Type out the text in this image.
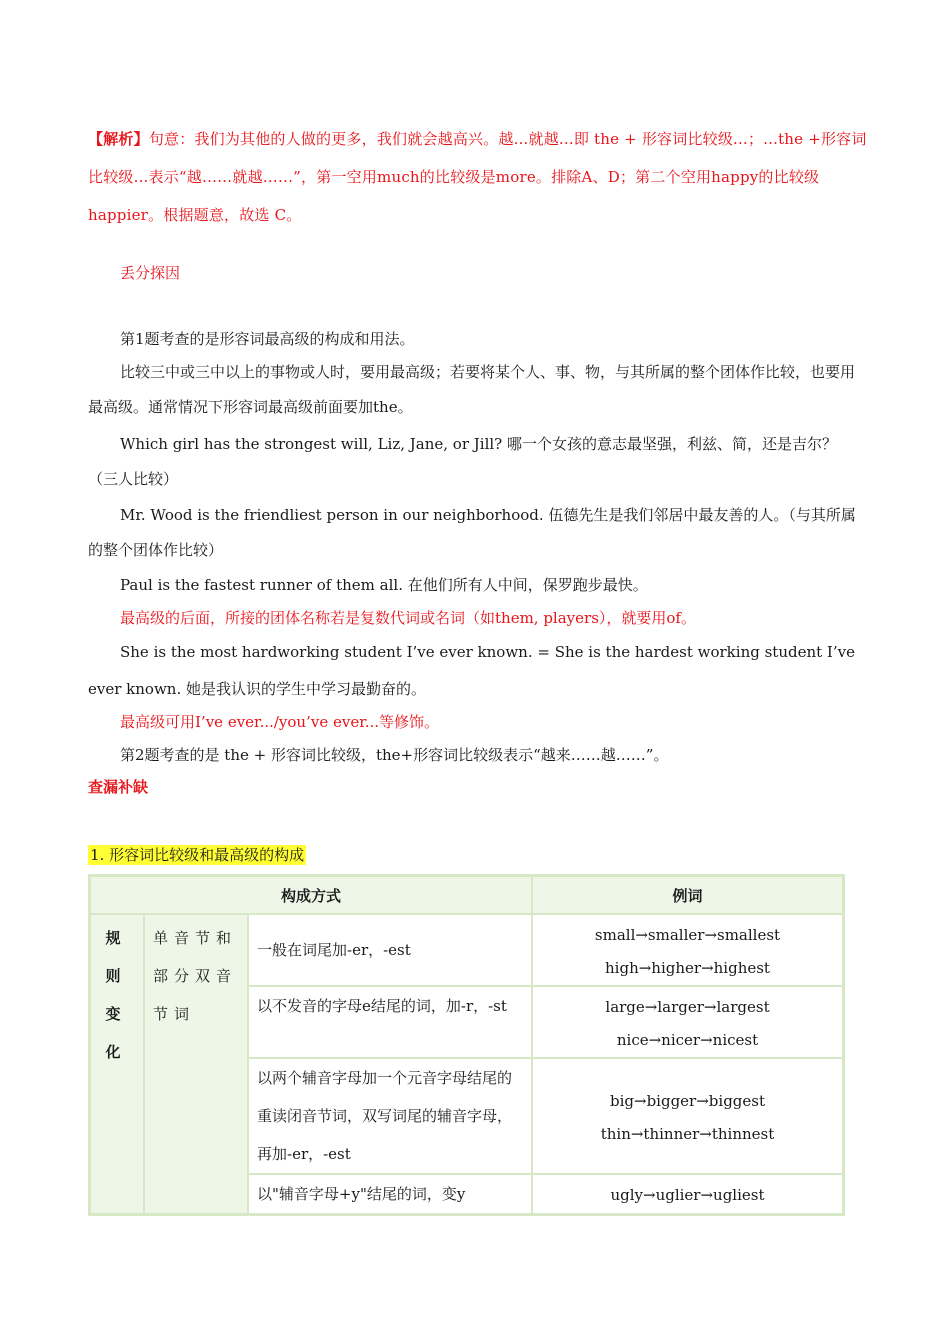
【解析】句意：我们为其他的人做的更多，我们就会越高兴。越...就越...即 the + 形容词比较级...；...the +形容词比较级...表示“越……就越……”，第一空用much的比较级是more。排除A、D；第二个空用happy的比较级happier。根据题意，故选 C。
丢分探因
第1题考查的是形容词最高级的构成和用法。
比较三中或三中以上的事物或人时，要用最高级；若要将某个人、事、物，与其所属的整个团体作比较，也要用最高级。通常情况下形容词最高级前面要加the。
Which girl has the strongest will, Liz, Jane, or Jill? 哪一个女孩的意志最坚强，利兹、简，还是吉尔？（三人比较）
Mr. Wood is the friendliest person in our neighborhood. 伍德先生是我们邻居中最友善的人。（与其所属的整个团体作比较）
Paul is the fastest runner of them all. 在他们所有人中间，保罗跑步最快。
最高级的后面，所接的团体名称若是复数代词或名词（如them, players），就要用of。
She is the most hardworking student I’ve ever known. = She is the hardest working student I’ve ever known. 她是我认识的学生中学习最勤奋的。
最高级可用I’ve ever.../you’ve ever...等修饰。
第2题考查的是 the + 形容词比较级，the+形容词比较级表示“越来……越……”。
查漏补缺
1. 形容词比较级和最高级的构成
构成方式			例词

规则变化	单音节和部分双音节词	一般在词尾加-er，-est	small→smaller→smallest
high→higher→highest

		以不发音的字母e结尾的词，加-r，-st	large→larger→largest
nice→nicer→nicest

		以两个辅音字母加一个元音字母结尾的重读闭音节词，双写词尾的辅音字母，再加-er，-est	big→bigger→biggest
thin→thinner→thinnest

		以"辅音字母+y"结尾的词，变y	ugly→uglier→ugliest
